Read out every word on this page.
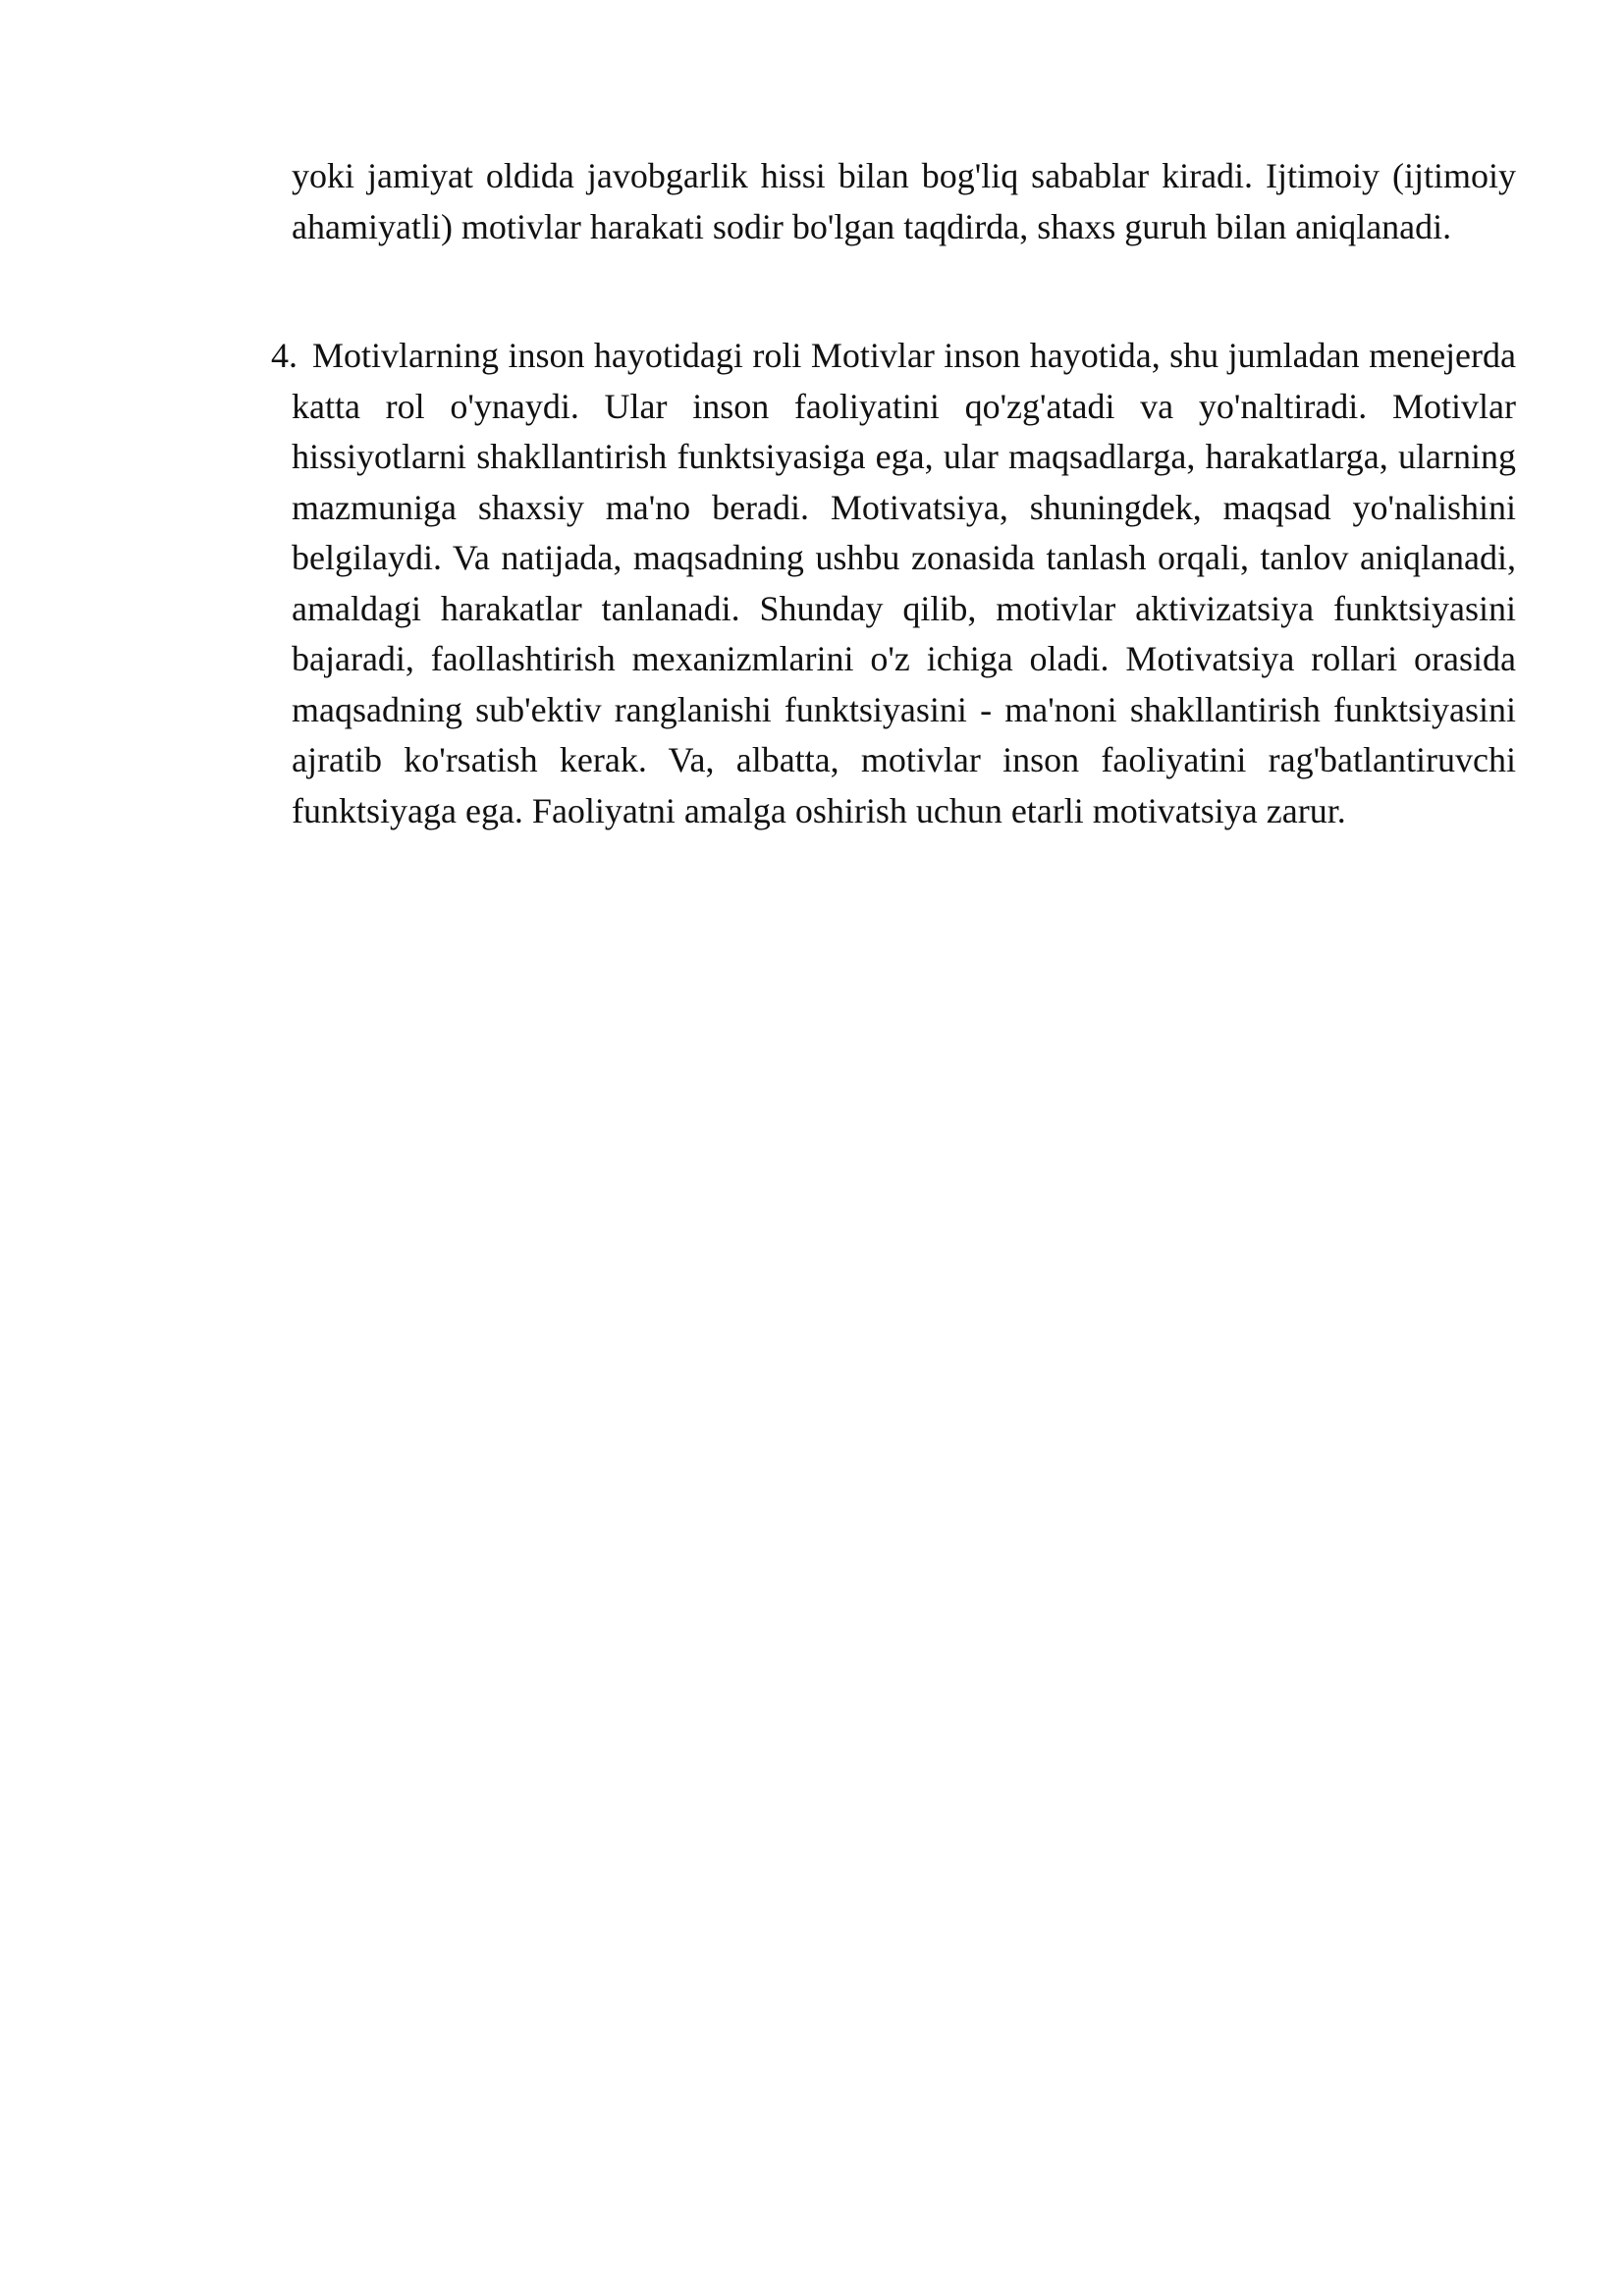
yoki jamiyat oldida javobgarlik hissi bilan bog'liq sabablar kiradi. Ijtimoiy (ijtimoiy ahamiyatli) motivlar harakati sodir bo'lgan taqdirda, shaxs guruh bilan aniqlanadi.

4. Motivlarning inson hayotidagi roli Motivlar inson hayotida, shu jumladan menejerda katta rol o'ynaydi. Ular inson faoliyatini qo'zg'atadi va yo'naltiradi. Motivlar hissiyotlarni shakllantirish funktsiyasiga ega, ular maqsadlarga, harakatlarga, ularning mazmuniga shaxsiy ma'no beradi. Motivatsiya, shuningdek, maqsad yo'nalishini belgilaydi. Va natijada, maqsadning ushbu zonasida tanlash orqali, tanlov aniqlanadi, amaldagi harakatlar tanlanadi. Shunday qilib, motivlar aktivizatsiya funktsiyasini bajaradi, faollashtirish mexanizmlarini o'z ichiga oladi. Motivatsiya rollari orasida maqsadning sub'ektiv ranglanishi funktsiyasini - ma'noni shakllantirish funktsiyasini ajratib ko'rsatish kerak. Va, albatta, motivlar inson faoliyatini rag'batlantiruvchi funktsiyaga ega. Faoliyatni amalga oshirish uchun etarli motivatsiya zarur.
